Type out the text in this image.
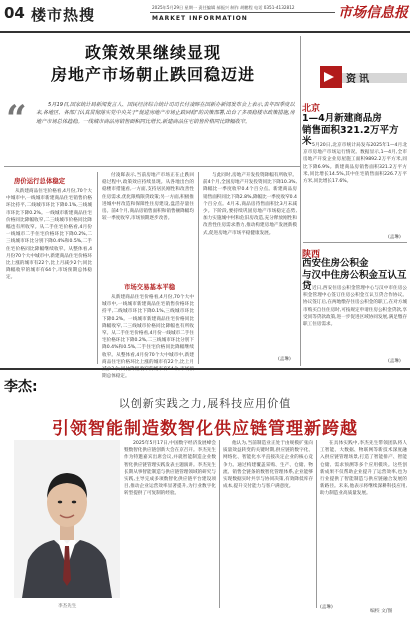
04 楼市热搜	2025年5月29日 星期一 责任编辑 郝振兴 制作 胡鹏程 电话 0351-4132812
MARKET INFORMATION	市场信息报
政策效果继续显现
房地产市场朝止跌回稳迈进
“	5月19日,国家统计局新闻发言人、国民经济综合统计司司长付凌晖在国新办新闻发布会上表示,去年四季度以来,各地区、各部门认真贯彻落实党中央关于"促进房地产市场止跌回稳"的决策部署,出台了多项稳楼市政策措施,房地产市场总体趋稳。一线城市商品房销售面积同比增长,新建商品住宅销售价格同比降幅收窄。
房价运行总体稳定
从新建商品住宅价格看,4月份,70个大中城市中,一线城市新建商品住宅销售价格环比持平,二线城市环比下降0.1%,三线城市环比下降0.2%。一线城市新建商品住宅价格同比降幅收窄,二三线城市价格同比降幅也有所收窄。从二手住宅价格看,4月份一线城市二手住宅价格环比下降0.2%,二三线城市环比分别下降0.4%和0.5%,二手住宅价格同比降幅继续收窄。从整体看,4月份70个大中城市中,新建商品住宅价格环比上涨的城市有22个,比上月减少2个;同比降幅收窄的城市有64个,市场预期总体稳定。
付凌晖表示,当前房地产市场正在止跌回稳过程中,政策效应持续显现。从各地出台的稳楼市措施看,一方面,支持居民刚性和改善性住房需求,优化限购限贷政策;另一方面,积极推进城中村改造和保障性住房建设,盘活存量住房。前4个月,商品房销售面积和销售额降幅均较一季度收窄,市场预期逐步改善。
市场交易基本平稳
从新建商品住宅价格看,4月份,70个大中城市中,一线城市新建商品住宅销售价格环比持平,二线城市环比下降0.1%,三线城市环比下降0.2%。一线城市新建商品住宅价格同比降幅收窄,二三线城市价格同比降幅也有所收窄。从二手住宅价格看,4月份一线城市二手住宅价格环比下降0.2%,二三线城市环比分别下降0.4%和0.5%,二手住宅价格同比降幅继续收窄。从整体看,4月份70个大中城市中,新建商品住宅价格环比上涨的城市有22个,比上月 期总体稳定。
与此同时,房地产开发投资降幅有所收窄。前4个月,全国房地产开发投资同比下降10.3%,降幅比一季度收窄0.4个百分点。新建商品房销售面积同比下降2.8%,降幅比一季度收窄0.4个百分点。4月末,商品房待售面积比3月末减少。下阶段,要持续巩固房地产市场稳定态势,加力实施城中村和危旧房改造,充分释放刚性和改善性住房需求潜力,推动构建房地产发展新模式,促进房地产市场平稳健康发展。
(孟琳)
资讯
北京
1—4月新建商品房
销售面积321.2万平方米 5月20日,北京市统计局发布2025年1—4月北京市房地产市场运行情况。数据显示,1—4月,全市房地产开发企业房屋施工面积9892.2万平方米,同比下降6.9%。新建商品房销售面积321.2万平方米,同比增长14.5%,其中住宅销售面积226.7万平方米,同比增长17.6%。
(孟琳)
陕西
西安住房公积金
与汉中住房公积金互认互贷 近日,西安住房公积金管理中心与汉中市住房公积金管理中心签订住房公积金互认互贷合作协议。协议签订后,在两地缴存住房公积金的职工,在对方城市购买自住住房时,可按规定申请住房公积金贷款,享受同等贷款政策,进一步促进区域协同发展,满足缴存职工住房需求。
(孟琳)
李杰:
以创新实践之力,展科技应用价值
引领智能制造数智化供应链管理新跨越
李杰先生
2025年5月17日,中国数字经济发展峰会暨数智化供应链创新大会在京召开。李杰先生作为特邀嘉宾出席会议,并就智能制造企业数智化供应链管理实践发表主题演讲。李杰先生长期从事智能制造与供应链管理领域的研究与实践,主导完成多项数智化供应链平台建设项目,推动企业运营效率显著提升,为行业数字化转型提供了可复制的经验。
他认为,当前制造业正处于由规模扩张向质量效益转变的关键时期,供应链的数字化、网络化、智能化水平直接决定企业的核心竞争力。通过构建覆盖采购、生产、仓储、物流、销售全链条的数智化管理体系,企业能够实现数据实时共享与协同决策,有效降低库存成本,提升交付能力与客户满意度。
在具体实践中,李杰先生带领团队将人工智能、大数据、物联网等新技术深度融入供应链管理场景,打造了智能排产、智能仓储、需求预测等多个应用模块。这些创新成果不仅帮助企业提升了运营效率,也为行业提供了智能制造与供应链融合发展的新路径。未来,他表示将继续深耕科技应用,助力制造业高质量发展。
(孟琳)
编校 文/图
